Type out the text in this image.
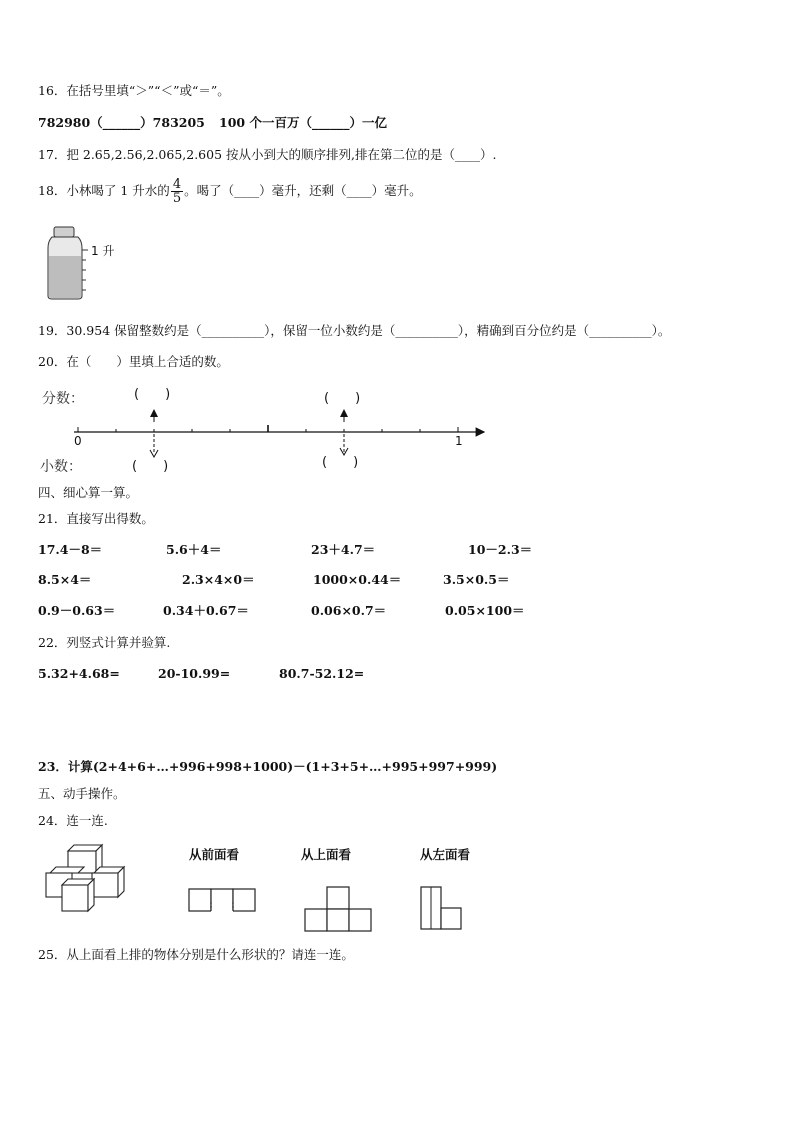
16．在括号里填“＞”“＜”或“＝”。
782980（______）783205 100 个一百万（______）一亿
17．把 2.65,2.56,2.065,2.605 按从小到大的顺序排列,排在第二位的是（____）.
18．小林喝了 1 升水的 $\frac{4}{5}$ 。喝了（____）毫升，还剩（____）毫升。
1 升
19．30.954 保留整数约是（__________），保留一位小数约是（__________），精确到百分位约是（__________）。
20．在（　　）里填上合适的数。
分数：
小数：
(　　)	(　　)
(　　)	(　　)
0	1
四、细心算一算。
21．直接写出得数。
17.4－8＝	5.6＋4＝	23＋4.7＝	10－2.3＝
8.5×4＝	2.3×4×0＝	1000×0.44＝	3.5×0.5＝
0.9－0.63＝	0.34＋0.67＝	0.06×0.7＝	0.05×100＝
22．列竖式计算并验算.
5.32+4.68=	20-10.99=	80.7-52.12=
23．计算(2+4+6+…+996+998+1000)－(1+3+5+…+995+997+999)
五、动手操作。
24．连一连.
从前面看	从上面看	从左面看
25．从上面看上排的物体分别是什么形状的？请连一连。
